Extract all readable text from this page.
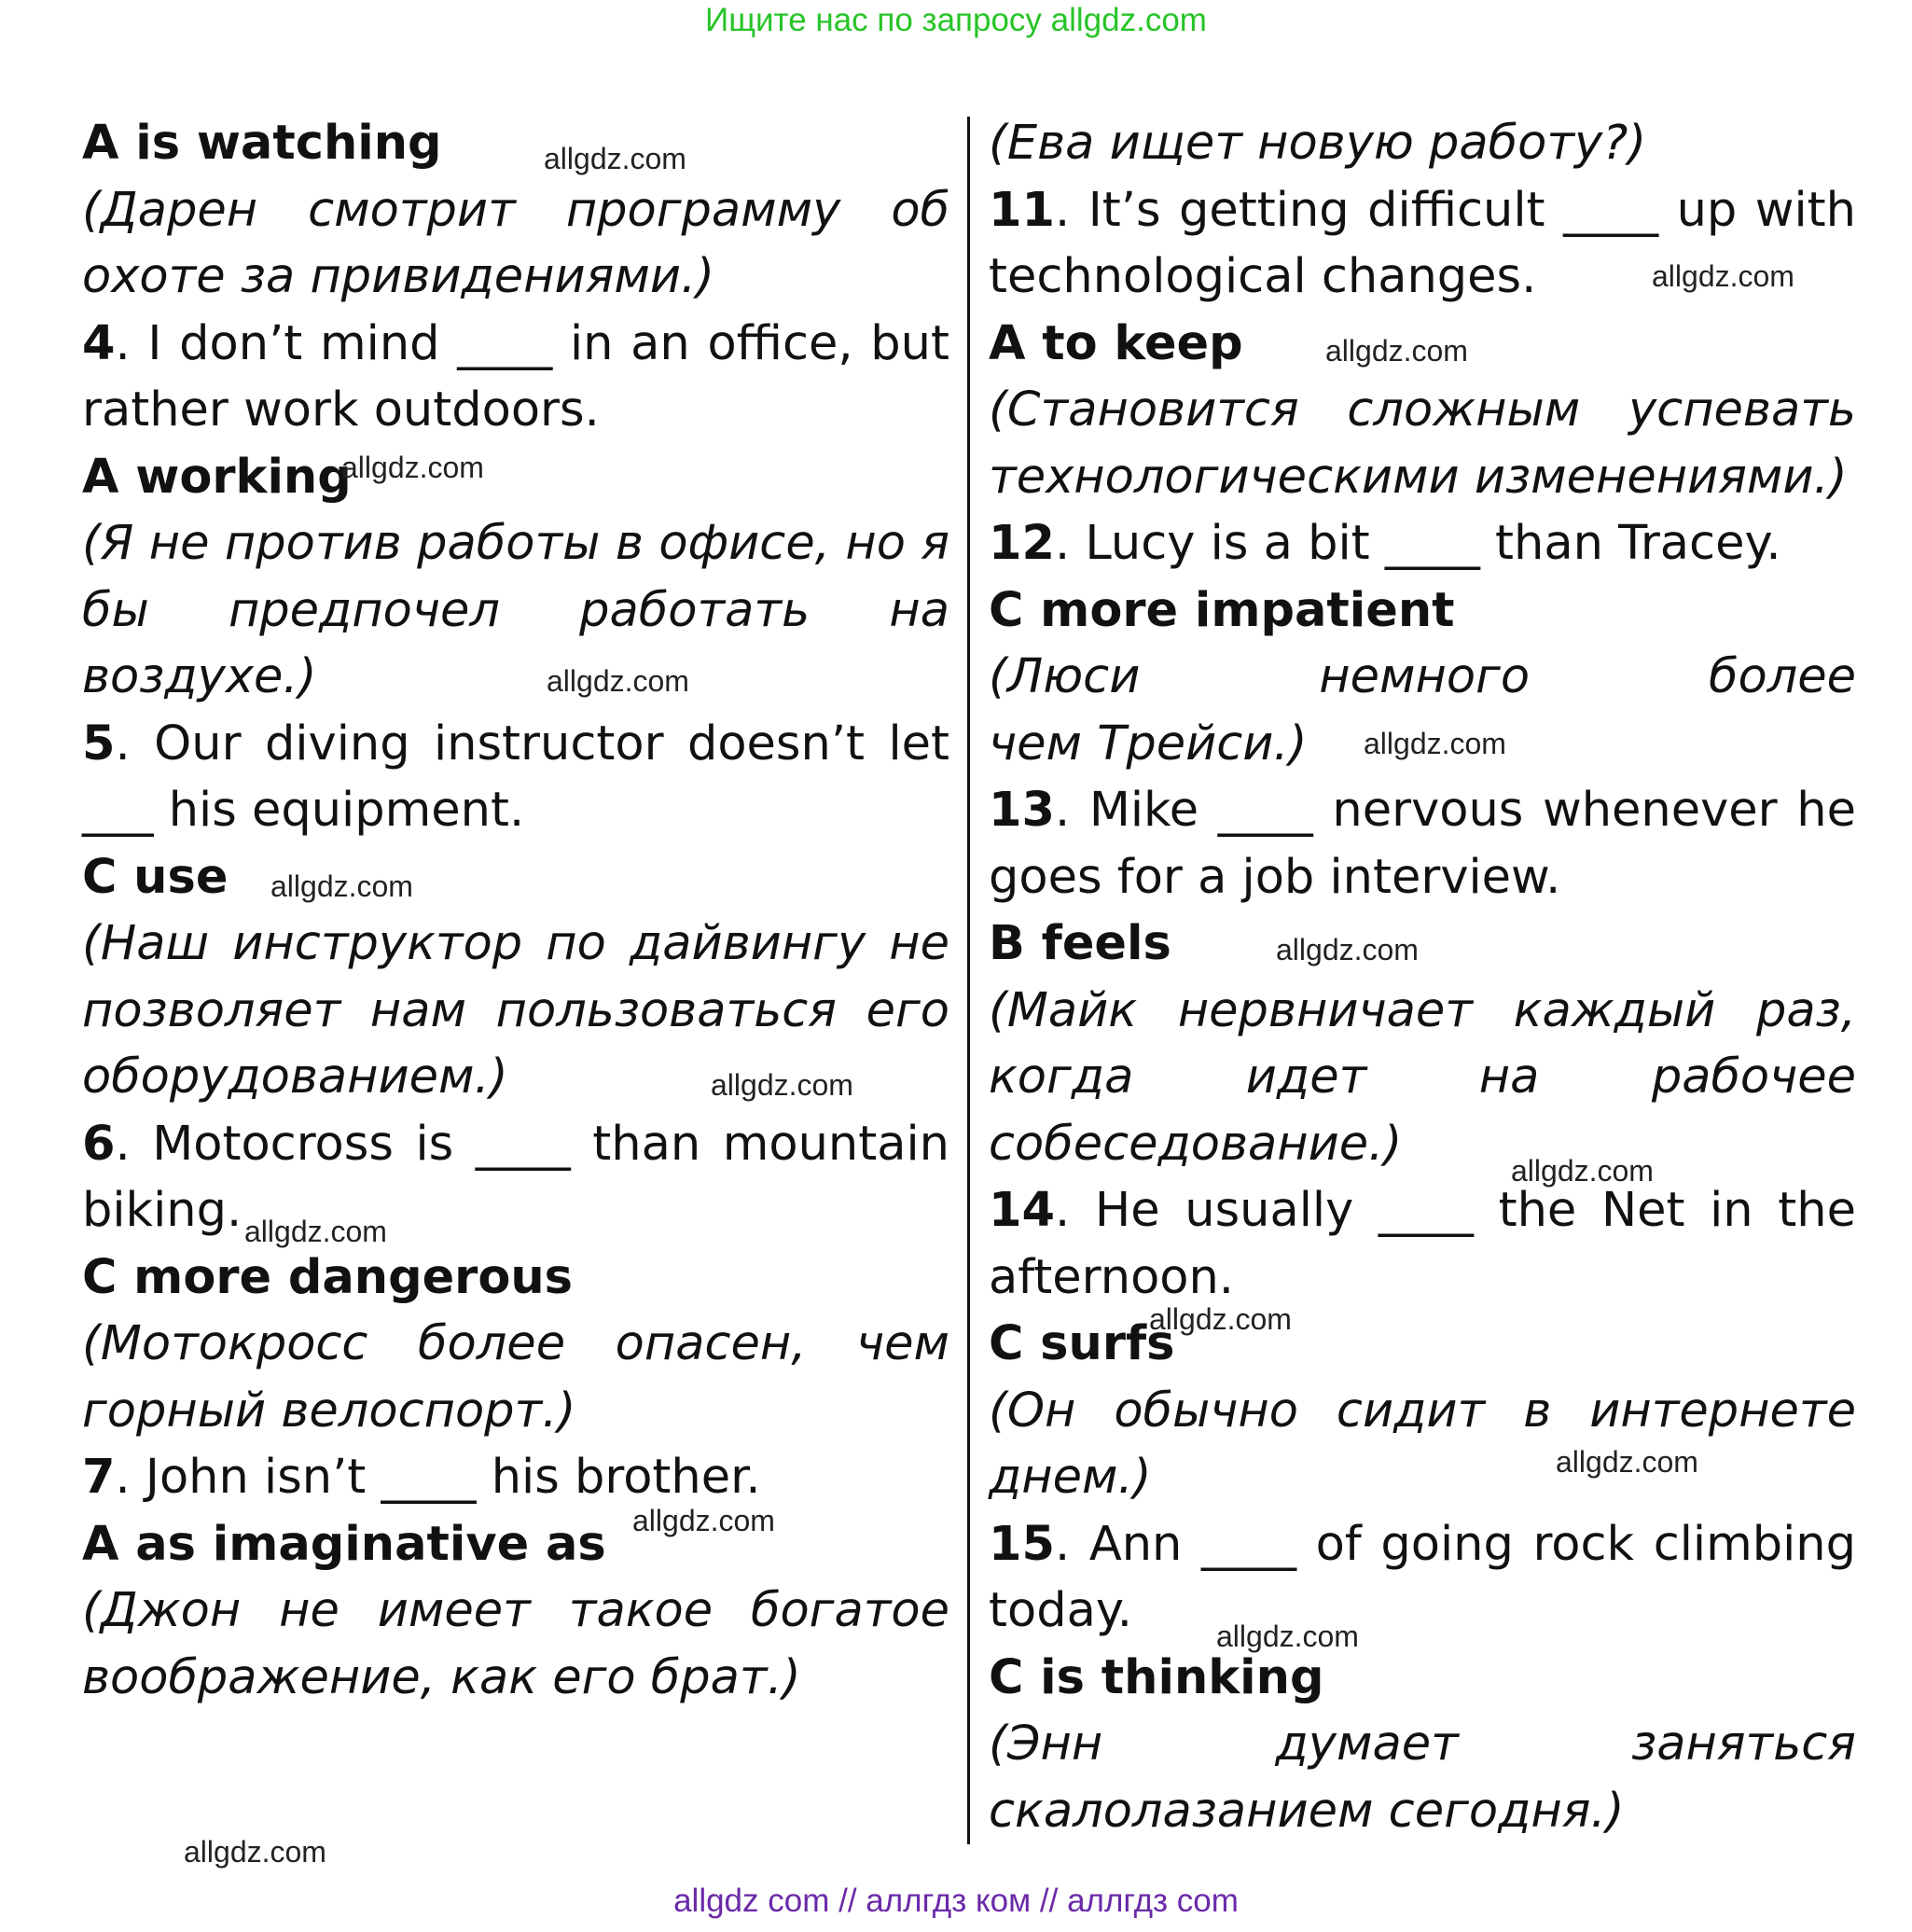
Ищите нас по запросу allgdz.com
A is watching
(Дарен смотрит программу об
охоте за привидениями.)
4. I don’t mind ____ in an office, but
rather work outdoors.
A working
(Я не против работы в офисе, но я
бы предпочел работать на
воздухе.)
5. Our diving instructor doesn’t let
___ his equipment.
C use
(Наш инструктор по дайвингу не
позволяет нам пользоваться его
оборудованием.)
6. Motocross is ____ than mountain
biking.
C more dangerous
(Мотокросс более опасен, чем
горный велоспорт.)
7. John isn’t ____ his brother.
A as imaginative as
(Джон не имеет такое богатое
воображение, как его брат.)
(Ева ищет новую работу?)
11. It’s getting difficult ____ up with
technological changes.
A to keep
(Становится сложным успевать
технологическими изменениями.)
12. Lucy is a bit ____ than Tracey.
C more impatient
(Люси немного более
чем Трейси.)
13. Mike ____ nervous whenever he
goes for a job interview.
B feels
(Майк нервничает каждый раз,
когда идет на рабочее
собеседование.)
14. He usually ____ the Net in the
afternoon.
C surfs
(Он обычно сидит в интернете
днем.)
15. Ann ____ of going rock climbing
today.
C is thinking
(Энн думает заняться
скалолазанием сегодня.)
allgdz.com
allgdz.com
allgdz.com
allgdz.com
allgdz.com
allgdz.com
allgdz.com
allgdz.com
allgdz.com
allgdz.com
allgdz.com
allgdz.com
allgdz.com
allgdz.com
allgdz.com
allgdz.com
allgdz com // аллгдз ком // аллгдз com
